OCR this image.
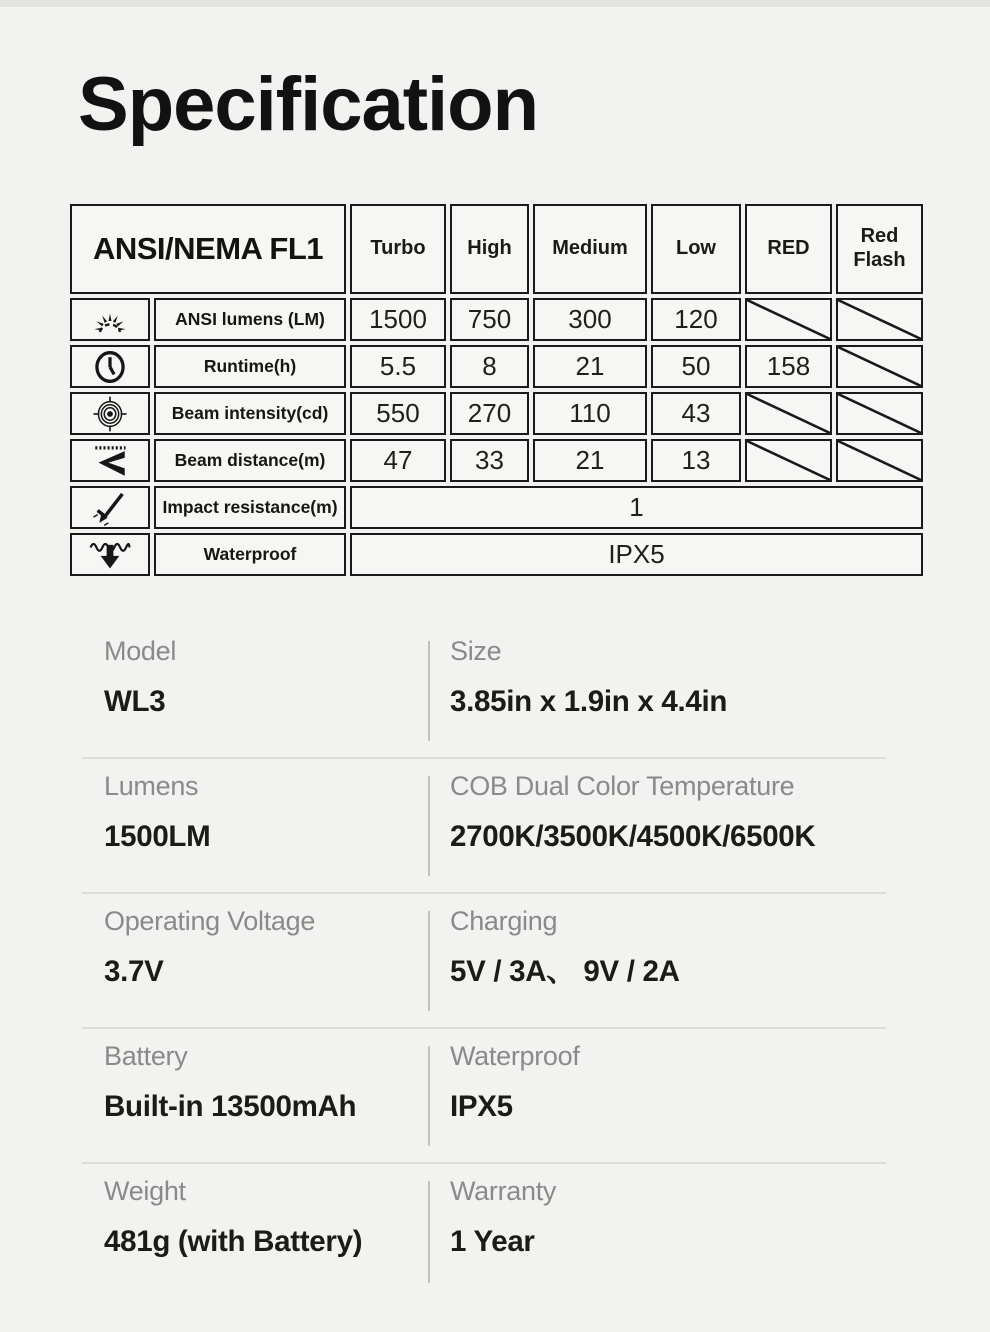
Specification
ANSI/NEMA FL1		Turbo	High	Medium	Low	RED	Red Flash

	ANSI lumens (LM)	1500	750	300	120	

	Runtime(h)	5.5	8	21	50	158	

	Beam intensity(cd)	550	270	110	43	

	Beam distance(m)	47	33	21	13	

	Impact resistance(m)	1					

	Waterproof	IPX5					
Model
WL3
Size
3.85in x 1.9in x 4.4in
Lumens
1500LM
COB Dual Color Temperature
2700K/3500K/4500K/6500K
Operating Voltage
3.7V
Charging
5V / 3A、 9V / 2A
Battery
Built-in 13500mAh
Waterproof
IPX5
Weight
481g (with Battery)
Warranty
1 Year
